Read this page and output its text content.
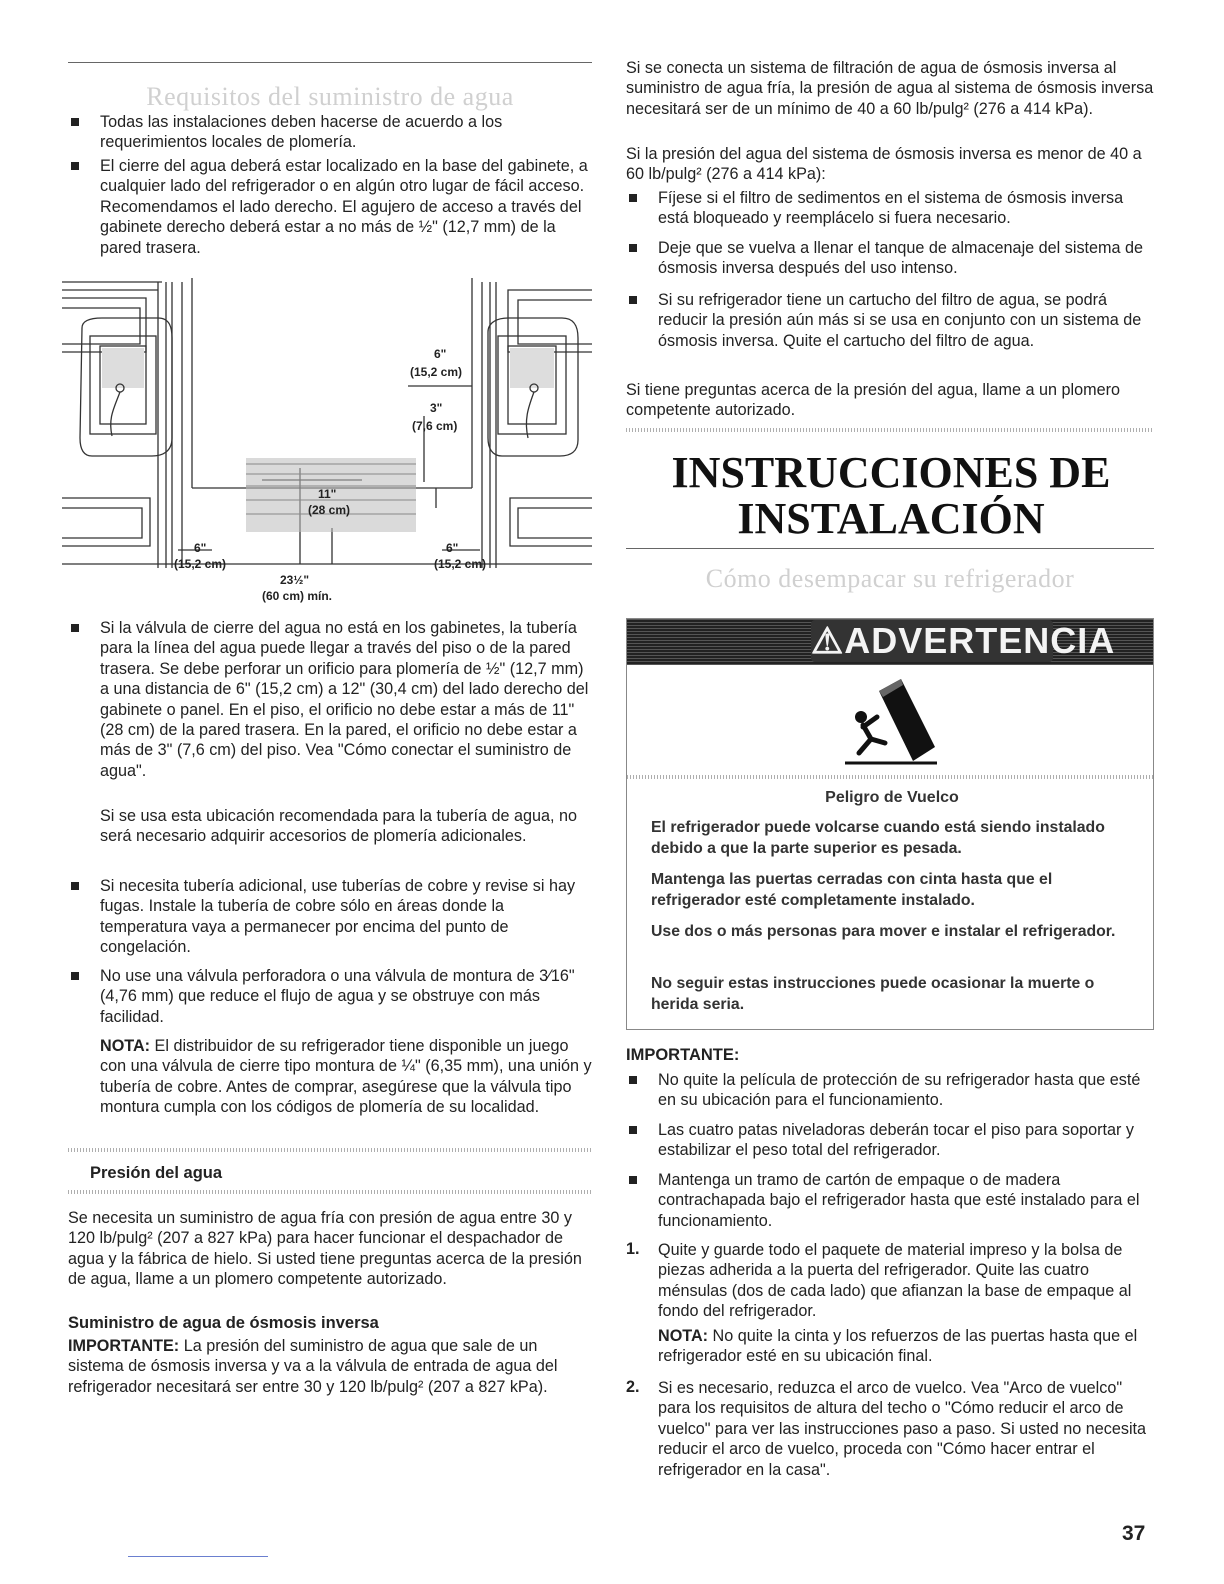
Requisitos del suministro de agua

Todas las instalaciones deben hacerse de acuerdo a los requerimientos locales de plomería.

El cierre del agua deberá estar localizado en la base del gabinete, a cualquier lado del refrigerador o en algún otro lugar de fácil acceso. Recomendamos el lado derecho. El agujero de acceso a través del gabinete derecho deberá estar a no más de ½" (12,7 mm) de la pared trasera.

6"
(15,2 cm)
3"
(7,6 cm)
11"
(28 cm)
6"
(15,2 cm)
6"
(15,2 cm)
23½"
(60 cm) mín.

Si la válvula de cierre del agua no está en los gabinetes, la tubería para la línea del agua puede llegar a través del piso o de la pared trasera. Se debe perforar un orificio para plomería de ½" (12,7 mm) a una distancia de 6" (15,2 cm) a 12" (30,4 cm) del lado derecho del gabinete o panel. En el piso, el orificio no debe estar a más de 11" (28 cm) de la pared trasera. En la pared, el orificio no debe estar a más de 3" (7,6 cm) del piso. Vea "Cómo conectar el suministro de agua".

Si se usa esta ubicación recomendada para la tubería de agua, no será necesario adquirir accesorios de plomería adicionales.

Si necesita tubería adicional, use tuberías de cobre y revise si hay fugas. Instale la tubería de cobre sólo en áreas donde la temperatura vaya a permanecer por encima del punto de congelación.

No use una válvula perforadora o una válvula de montura de 3⁄16" (4,76 mm) que reduce el flujo de agua y se obstruye con más facilidad.

NOTA: El distribuidor de su refrigerador tiene disponible un juego con una válvula de cierre tipo montura de ¼" (6,35 mm), una unión y tubería de cobre. Antes de comprar, asegúrese que la válvula tipo montura cumpla con los códigos de plomería de su localidad.

Presión del agua

Se necesita un suministro de agua fría con presión de agua entre 30 y 120 lb/pulg² (207 a 827 kPa) para hacer funcionar el despachador de agua y la fábrica de hielo. Si usted tiene preguntas acerca de la presión de agua, llame a un plomero competente autorizado.

Suministro de agua de ósmosis inversa

IMPORTANTE: La presión del suministro de agua que sale de un sistema de ósmosis inversa y va a la válvula de entrada de agua del refrigerador necesitará ser entre 30 y 120 lb/pulg² (207 a 827 kPa).

Si se conecta un sistema de filtración de agua de ósmosis inversa al suministro de agua fría, la presión de agua al sistema de ósmosis inversa necesitará ser de un mínimo de 40 a 60 lb/pulg² (276 a 414 kPa).

Si la presión del agua del sistema de ósmosis inversa es menor de 40 a 60 lb/pulg² (276 a 414 kPa):

Fíjese si el filtro de sedimentos en el sistema de ósmosis inversa está bloqueado y reemplácelo si fuera necesario.

Deje que se vuelva a llenar el tanque de almacenaje del sistema de ósmosis inversa después del uso intenso.

Si su refrigerador tiene un cartucho del filtro de agua, se podrá reducir la presión aún más si se usa en conjunto con un sistema de ósmosis inversa. Quite el cartucho del filtro de agua.

Si tiene preguntas acerca de la presión del agua, llame a un plomero competente autorizado.

INSTRUCCIONES DE
INSTALACIÓN
Cómo desempacar su refrigerador
⚠ADVERTENCIA
Peligro de Vuelco
El refrigerador puede volcarse cuando está siendo instalado debido a que la parte superior es pesada.
Mantenga las puertas cerradas con cinta hasta que el refrigerador esté completamente instalado.
Use dos o más personas para mover e instalar el refrigerador.
No seguir estas instrucciones puede ocasionar la muerte o herida seria.
IMPORTANTE:

No quite la película de protección de su refrigerador hasta que esté en su ubicación para el funcionamiento.

Las cuatro patas niveladoras deberán tocar el piso para soportar y estabilizar el peso total del refrigerador.

Mantenga un tramo de cartón de empaque o de madera contrachapada bajo el refrigerador hasta que esté instalado para el funcionamiento.

1. Quite y guarde todo el paquete de material impreso y la bolsa de piezas adherida a la puerta del refrigerador. Quite las cuatro ménsulas (dos de cada lado) que afianzan la base de empaque al fondo del refrigerador.

NOTA: No quite la cinta y los refuerzos de las puertas hasta que el refrigerador esté en su ubicación final.

2. Si es necesario, reduzca el arco de vuelco. Vea "Arco de vuelco" para los requisitos de altura del techo o "Cómo reducir el arco de vuelco" para ver las instrucciones paso a paso. Si usted no necesita reducir el arco de vuelco, proceda con "Cómo hacer entrar el refrigerador en la casa".

37
